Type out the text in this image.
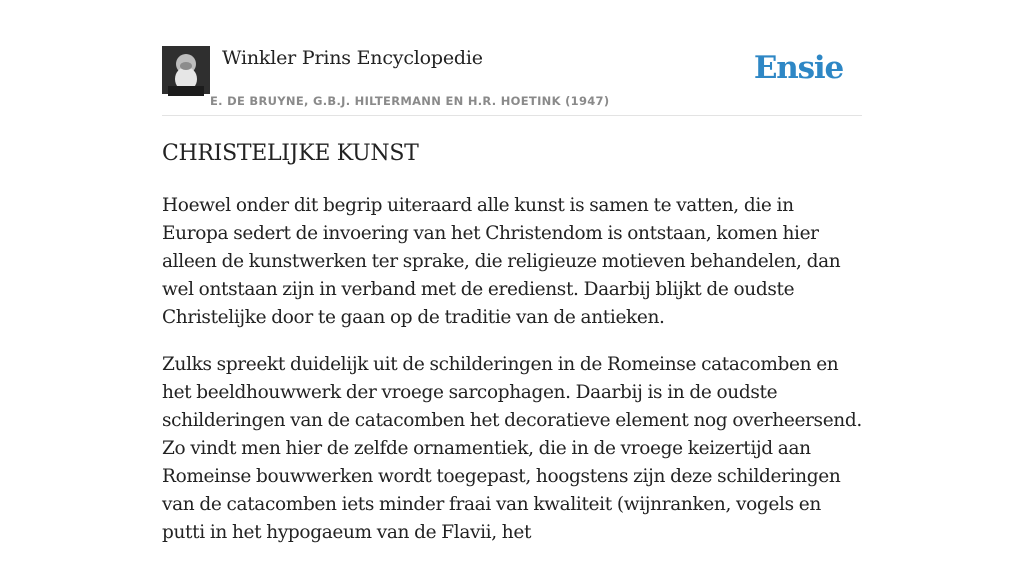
Winkler Prins Encyclopedie
E. DE BRUYNE, G.B.J. HILTERMANN EN H.R. HOETINK (1947)
Ensie
CHRISTELIJKE KUNST

Hoewel onder dit begrip uiteraard alle kunst is samen te vatten, die in Europa sedert de invoering van het Christendom is ontstaan, komen hier alleen de kunstwerken ter sprake, die religieuze motieven behandelen, dan wel ontstaan zijn in verband met de eredienst. Daarbij blijkt de oudste Christelijke door te gaan op de traditie van de antieken.

Zulks spreekt duidelijk uit de schilderingen in de Romeinse catacomben en het beeldhouwwerk der vroege sarcophagen. Daarbij is in de oudste schilderingen van de catacomben het decoratieve element nog overheersend. Zo vindt men hier de zelfde ornamentiek, die in de vroege keizertijd aan Romeinse bouwwerken wordt toegepast, hoogstens zijn deze schilderingen van de catacomben iets minder fraai van kwaliteit (wijnranken, vogels en putti in het hypogaeum van de Flavii, het
